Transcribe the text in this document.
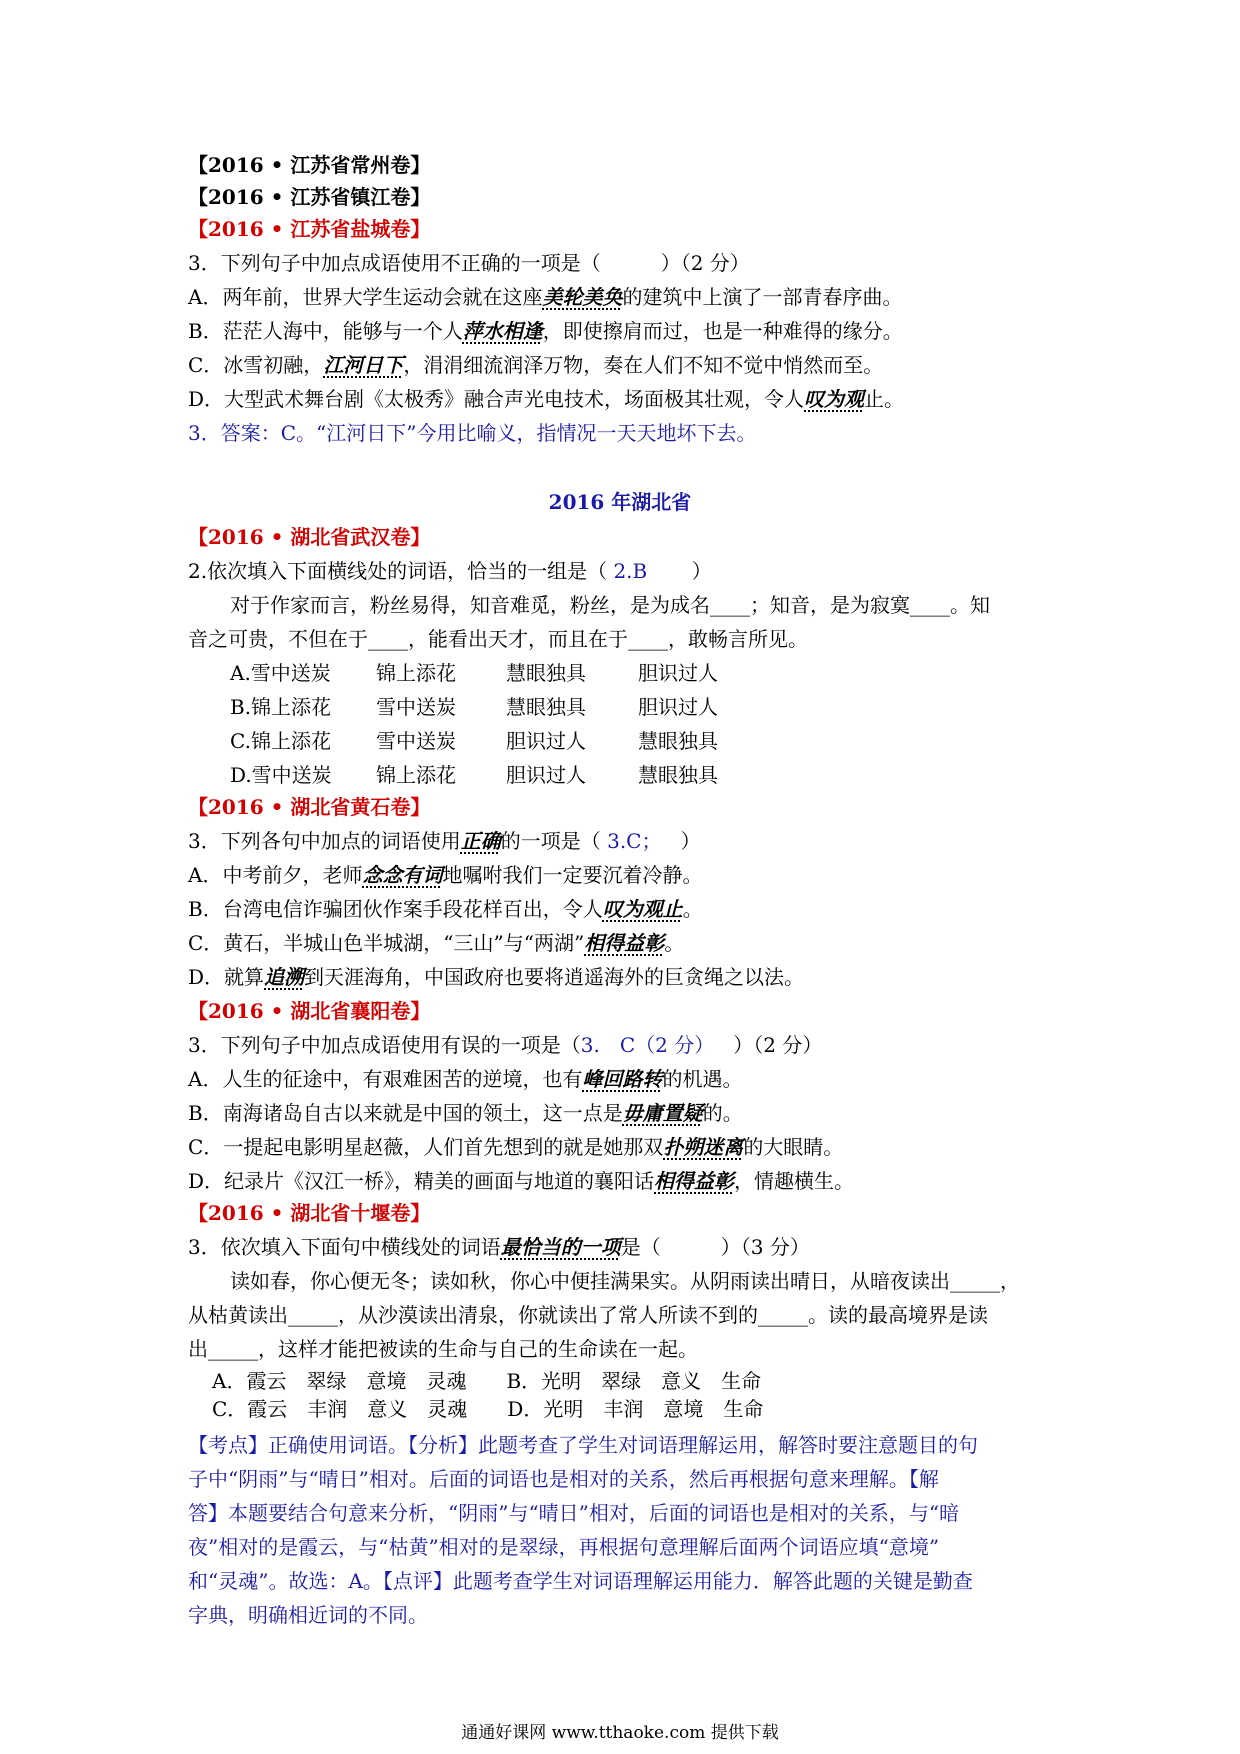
【2016 • 江苏省常州卷】
【2016 • 江苏省镇江卷】
【2016 • 江苏省盐城卷】
3．下列句子中加点成语使用不正确的一项是（　　　）（2 分）
A．两年前，世界大学生运动会就在这座美轮美奂的建筑中上演了一部青春序曲。
B．茫茫人海中，能够与一个人萍水相逢，即使擦肩而过，也是一种难得的缘分。
C．冰雪初融，江河日下，涓涓细流润泽万物，奏在人们不知不觉中悄然而至。
D．大型武术舞台剧《太极秀》融合声光电技术，场面极其壮观，令人叹为观止。
3．答案：C。“江河日下”今用比喻义，指情况一天天地坏下去。
2016 年湖北省
【2016 • 湖北省武汉卷】
2.依次填入下面横线处的词语，恰当的一组是（ 2.B ）
对于作家而言，粉丝易得，知音难觅，粉丝，是为成名____；知音，是为寂寞____。知
音之可贵，不但在于____，能看出天才，而且在于____，敢畅言所见。
A.雪中送炭 锦上添花	慧眼独具	胆识过人
B.锦上添花 雪中送炭	慧眼独具	胆识过人
C.锦上添花 雪中送炭	胆识过人	慧眼独具
D.雪中送炭 锦上添花	胆识过人	慧眼独具
【2016 • 湖北省黄石卷】
3．下列各句中加点的词语使用正确的一项是（ 3.C； ）
A．中考前夕，老师念念有词地嘱咐我们一定要沉着冷静。
B．台湾电信诈骗团伙作案手段花样百出，令人叹为观止。
C．黄石，半城山色半城湖，“三山”与“两湖”相得益彰。
D．就算追溯到天涯海角，中国政府也要将逍遥海外的巨贪绳之以法。
【2016 • 湖北省襄阳卷】
3．下列句子中加点成语使用有误的一项是（3.　C（2 分） ）（2 分）
A．人生的征途中，有艰难困苦的逆境，也有峰回路转的机遇。
B．南海诸岛自古以来就是中国的领土，这一点是毋庸置疑的。
C．一提起电影明星赵薇，人们首先想到的就是她那双扑朔迷离的大眼睛。
D．纪录片《汉江一桥》，精美的画面与地道的襄阳话相得益彰，情趣横生。
【2016 • 湖北省十堰卷】
3．依次填入下面句中横线处的词语最恰当的一项是（　　　）（3 分）
读如春，你心便无冬；读如秋，你心中便挂满果实。从阴雨读出晴日，从暗夜读出_____，
从枯黄读出_____，从沙漠读出清泉，你就读出了常人所读不到的_____。读的最高境界是读
出_____，这样才能把被读的生命与自己的生命读在一起。
A．霞云　翠绿　意境　灵魂　　B．光明　翠绿　意义　生命
C．霞云　丰润　意义　灵魂　　D．光明　丰润　意境　生命
【考点】正确使用词语。【分析】此题考查了学生对词语理解运用，解答时要注意题目的句
子中“阴雨”与“晴日”相对。后面的词语也是相对的关系，然后再根据句意来理解。【解
答】本题要结合句意来分析，“阴雨”与“晴日”相对，后面的词语也是相对的关系，与“暗
夜”相对的是霞云，与“枯黄”相对的是翠绿，再根据句意理解后面两个词语应填“意境”
和“灵魂”。故选：A。【点评】此题考查学生对词语理解运用能力．解答此题的关键是勤查
字典，明确相近词的不同。
通通好课网 www.tthaoke.com 提供下载
